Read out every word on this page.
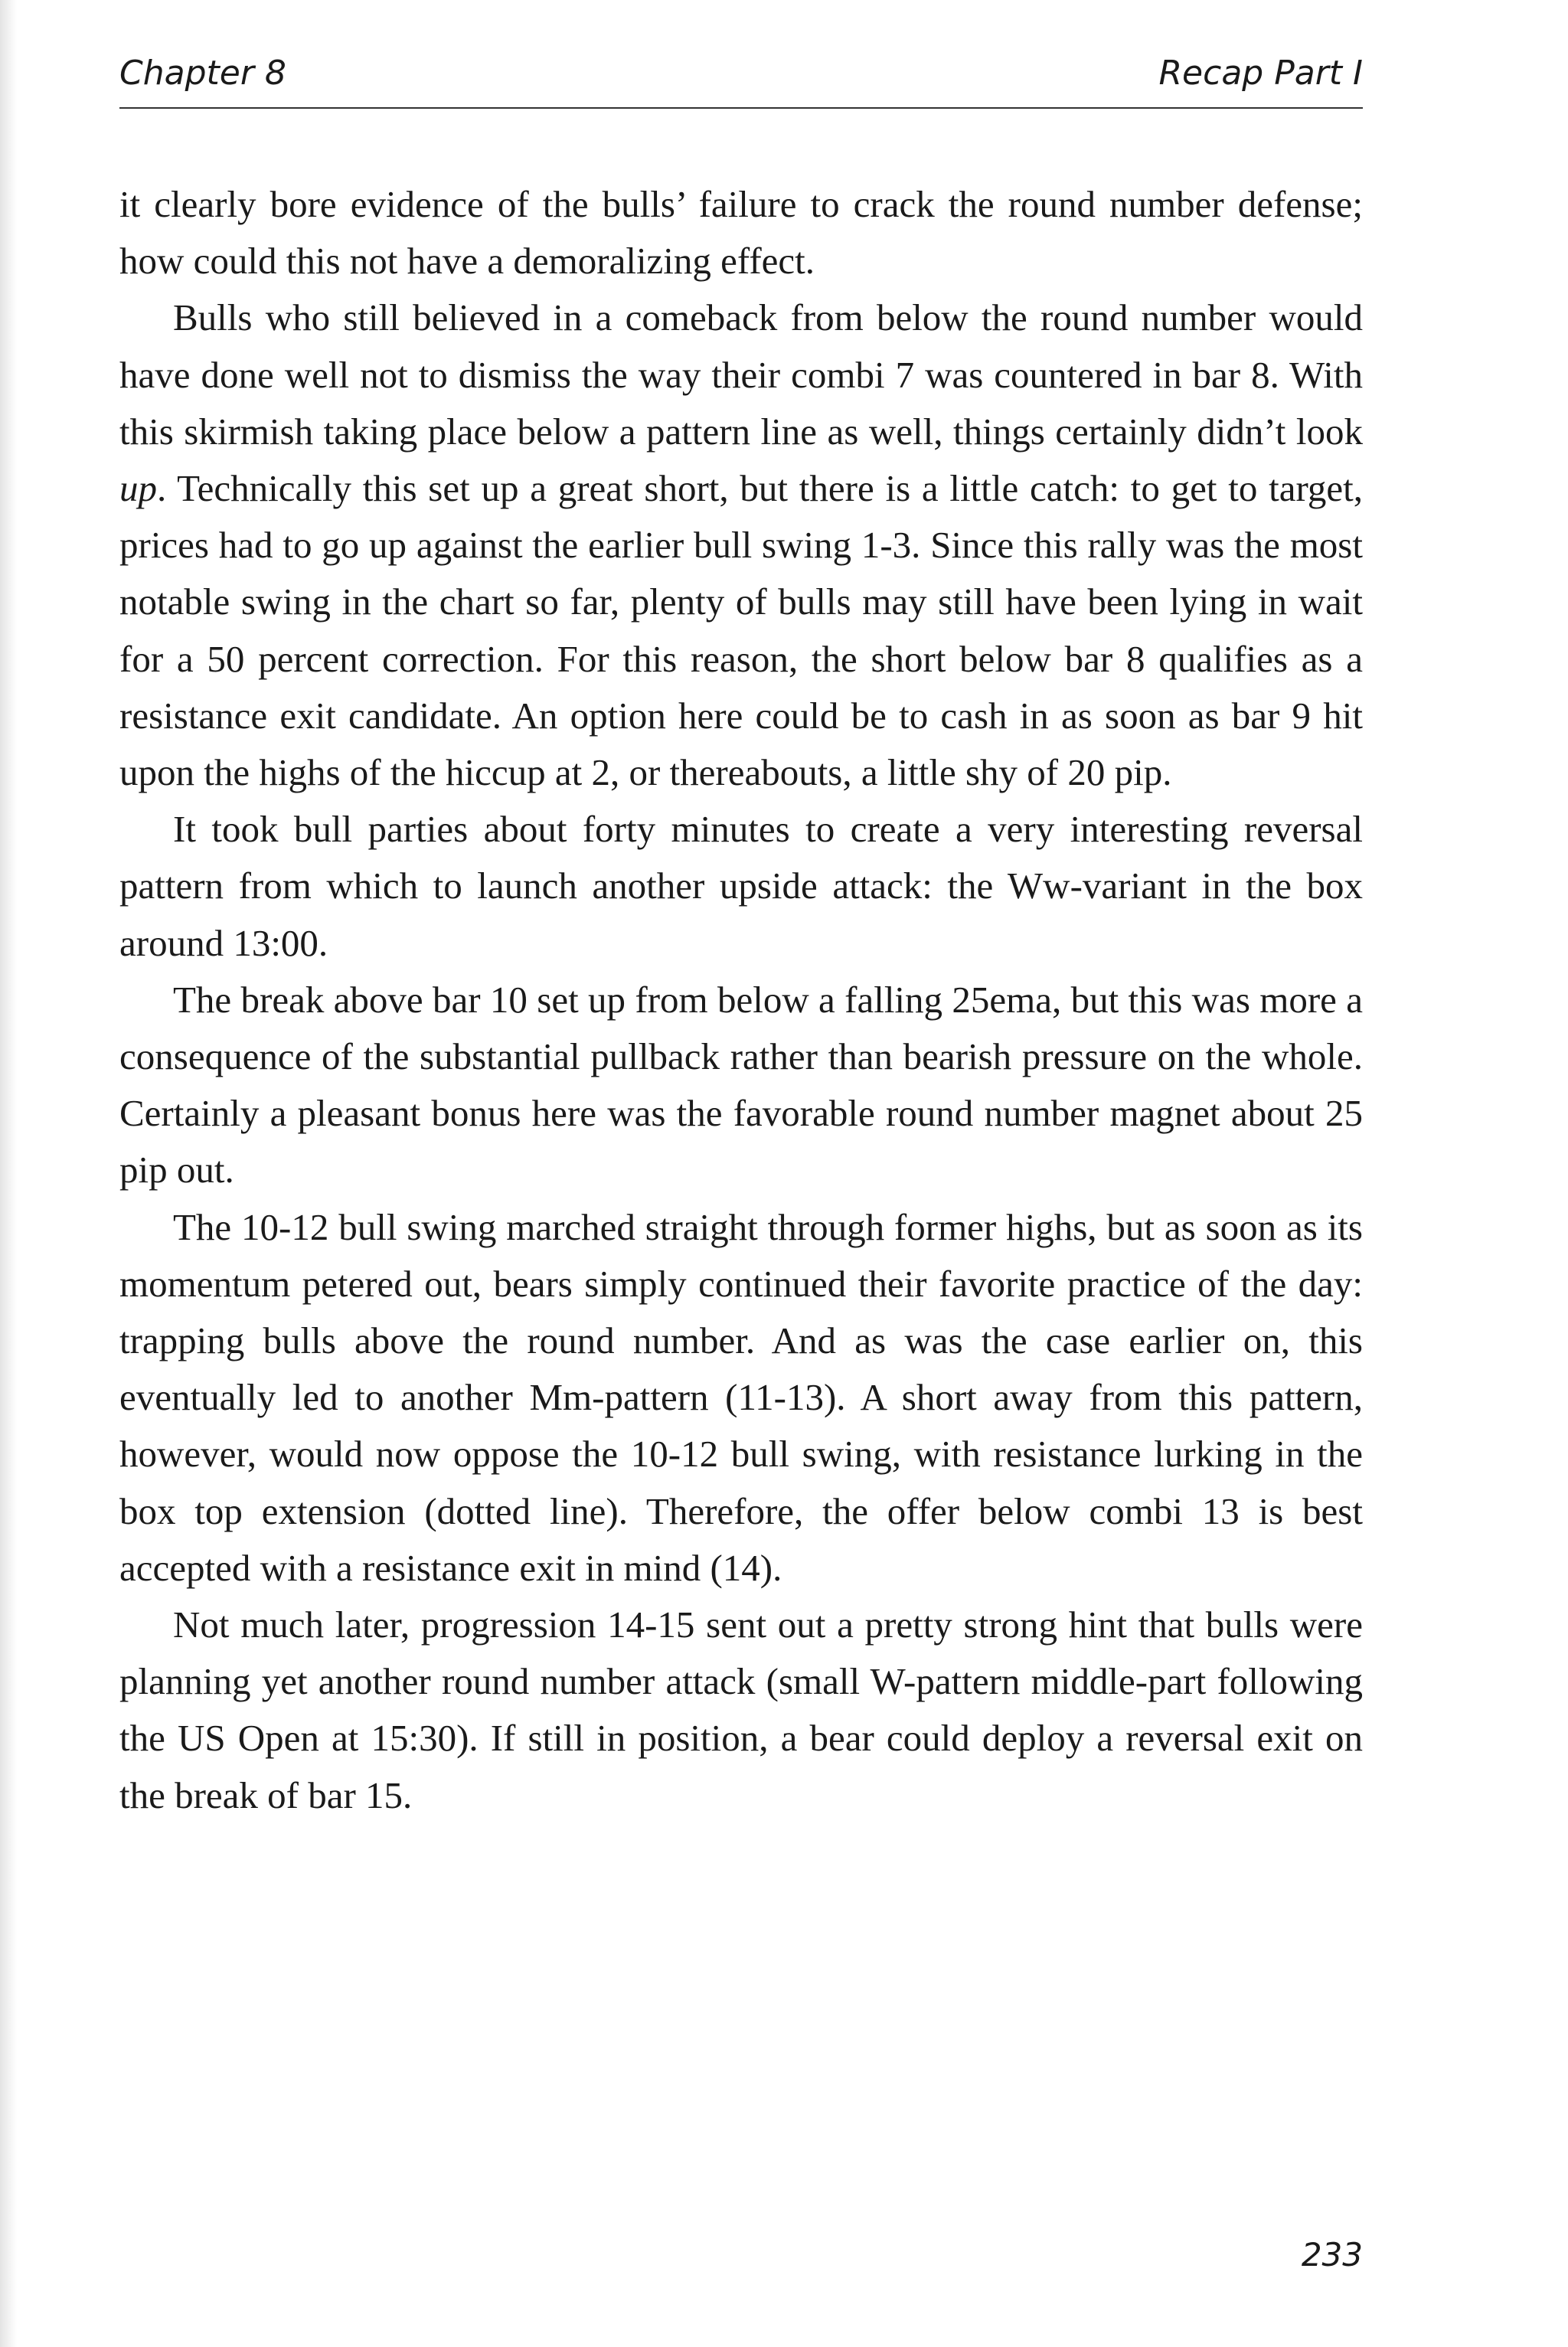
Chapter 8	Recap Part I

it clearly bore evidence of the bulls’ failure to crack the round number defense; how could this not have a demoralizing effect.

Bulls who still believed in a comeback from below the round number would have done well not to dismiss the way their combi 7 was countered in bar 8. With this skirmish taking place below a pattern line as well, things certainly didn’t look up. Technically this set up a great short, but there is a little catch: to get to target, prices had to go up against the earlier bull swing 1-3. Since this rally was the most notable swing in the chart so far, plenty of bulls may still have been lying in wait for a 50 percent correction. For this reason, the short below bar 8 qualifies as a resistance exit candidate. An option here could be to cash in as soon as bar 9 hit upon the highs of the hiccup at 2, or thereabouts, a little shy of 20 pip.

It took bull parties about forty minutes to create a very interesting reversal pattern from which to launch another upside attack: the Ww-variant in the box around 13:00.

The break above bar 10 set up from below a falling 25ema, but this was more a consequence of the substantial pullback rather than bearish pressure on the whole. Certainly a pleasant bonus here was the favorable round number magnet about 25 pip out.

The 10-12 bull swing marched straight through former highs, but as soon as its momentum petered out, bears simply continued their favorite practice of the day: trapping bulls above the round number. And as was the case earlier on, this eventually led to another Mm-pattern (11-13). A short away from this pattern, however, would now oppose the 10-12 bull swing, with resistance lurking in the box top extension (dotted line). Therefore, the offer below combi 13 is best accepted with a resistance exit in mind (14).

Not much later, progression 14-15 sent out a pretty strong hint that bulls were planning yet another round number attack (small W-pattern middle-part following the US Open at 15:30). If still in position, a bear could deploy a reversal exit on the break of bar 15.

233
